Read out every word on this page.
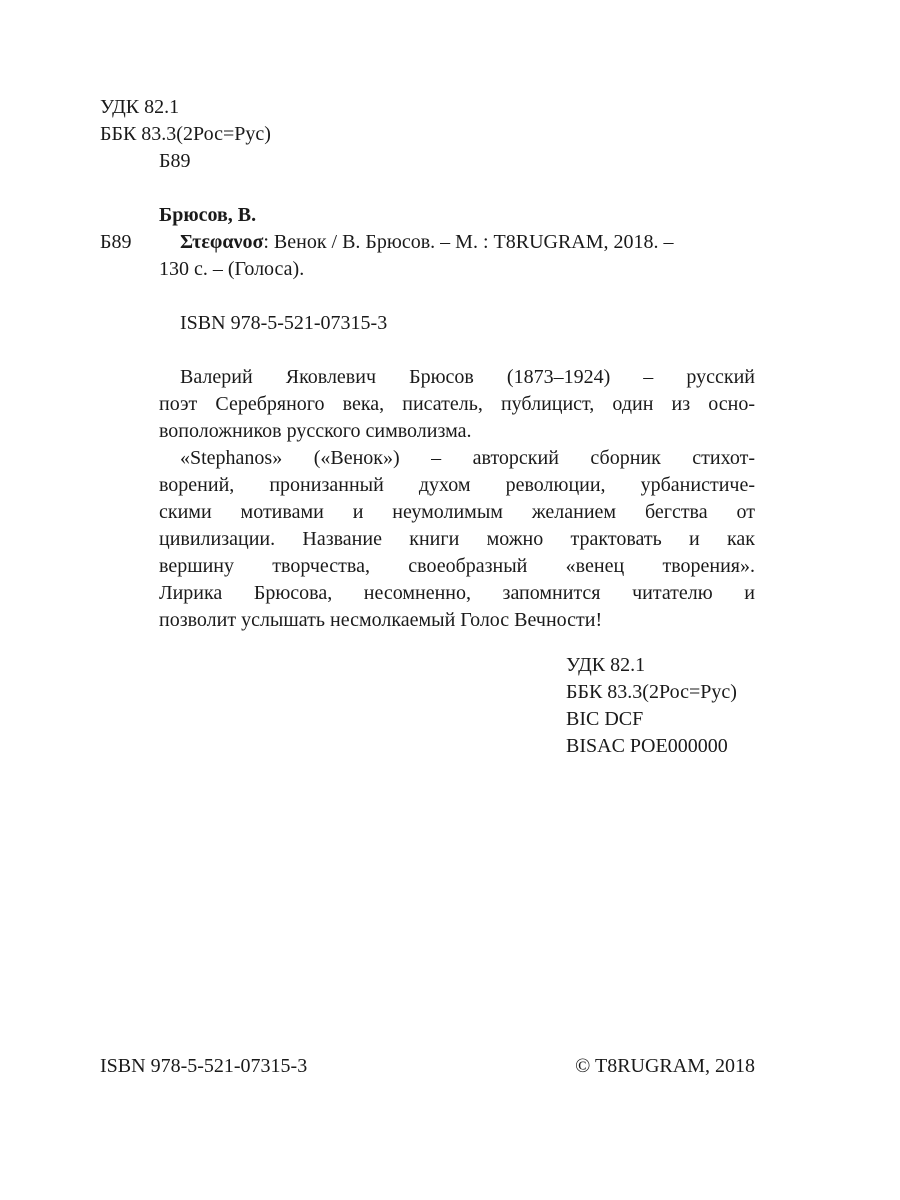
УДК 82.1
ББК 83.3(2Рос=Рус)
Б89
Брюсов, В.
Б89 Στεφανοσ: Венок / В. Брюсов. – М. : T8RUGRAM, 2018. –
130 с. – (Голоса).
ISBN 978-5-521-07315-3
Валерий Яковлевич Брюсов (1873–1924) – русский
поэт Серебряного века, писатель, публицист, один из осно-
воположников русского символизма.
«Stephanos» («Венок») – авторский сборник стихот-
ворений, пронизанный духом революции, урбанистиче-
скими мотивами и неумолимым желанием бегства от
цивилизации. Название книги можно трактовать и как
вершину творчества, своеобразный «венец творения».
Лирика Брюсова, несомненно, запомнится читателю и
позволит услышать несмолкаемый Голос Вечности!
УДК 82.1
ББК 83.3(2Рос=Рус)
BIC DCF
BISAC POE000000
ISBN 978-5-521-07315-3	© T8RUGRAM, 2018
